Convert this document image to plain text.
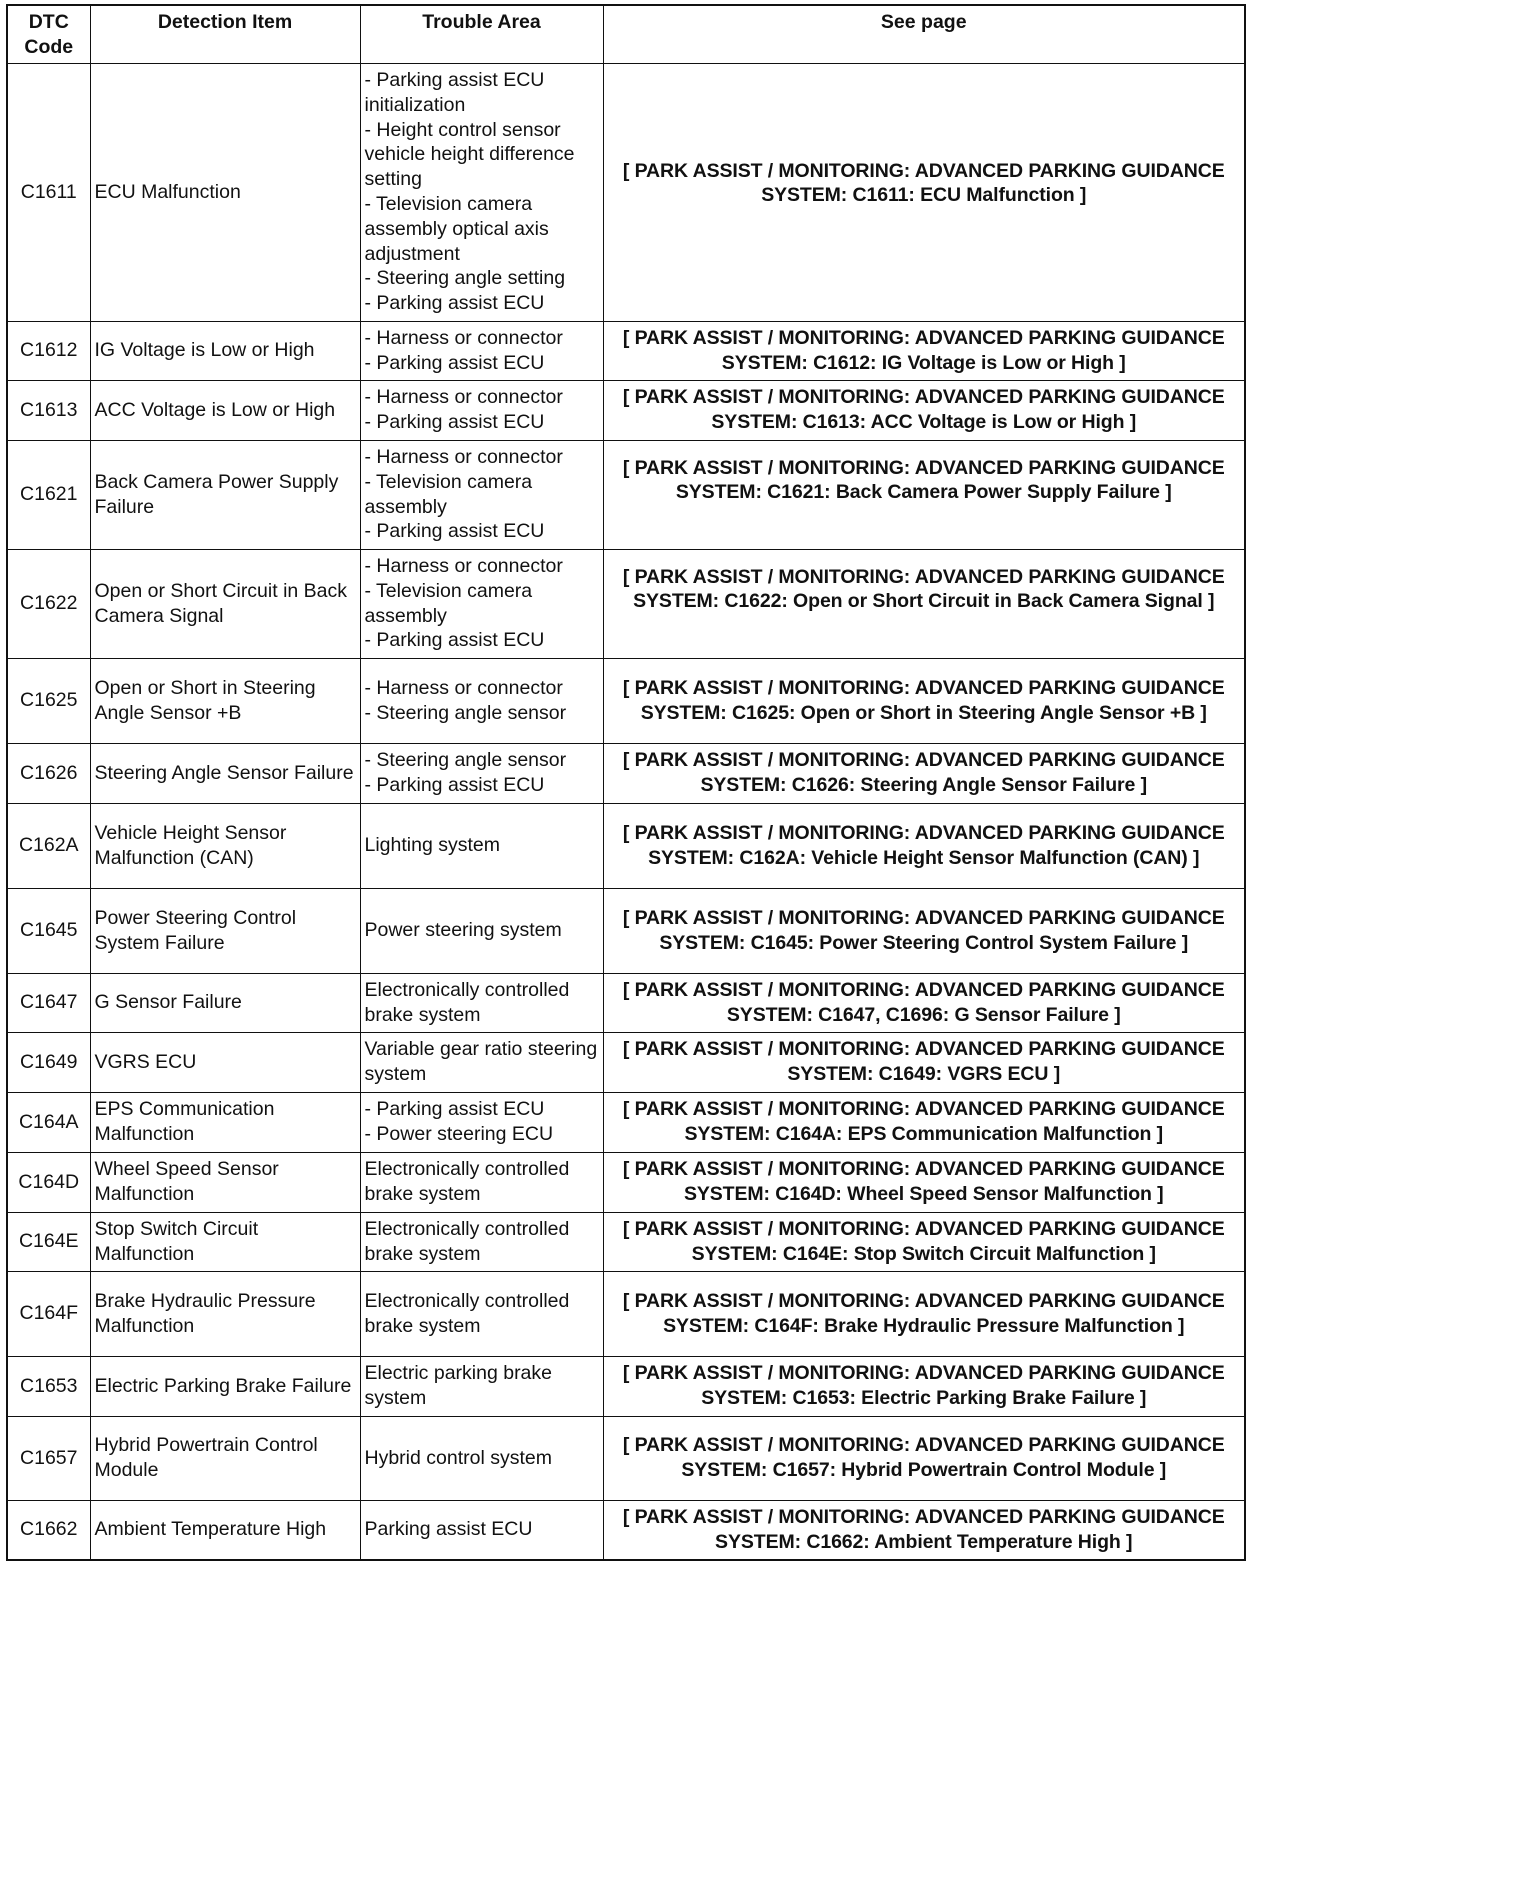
DTC Code	Detection Item	Trouble Area	See page
C1611	ECU Malfunction	- Parking assist ECU initialization
- Height control sensor vehicle height difference setting
- Television camera assembly optical axis adjustment
- Steering angle setting
- Parking assist ECU	[ PARK ASSIST / MONITORING: ADVANCED PARKING GUIDANCE SYSTEM: C1611: ECU Malfunction ]
C1612	IG Voltage is Low or High	- Harness or connector
- Parking assist ECU	[ PARK ASSIST / MONITORING: ADVANCED PARKING GUIDANCE SYSTEM: C1612: IG Voltage is Low or High ]
C1613	ACC Voltage is Low or High	- Harness or connector
- Parking assist ECU	[ PARK ASSIST / MONITORING: ADVANCED PARKING GUIDANCE SYSTEM: C1613: ACC Voltage is Low or High ]
C1621	Back Camera Power Supply Failure	- Harness or connector
- Television camera assembly
- Parking assist ECU	[ PARK ASSIST / MONITORING: ADVANCED PARKING GUIDANCE SYSTEM: C1621: Back Camera Power Supply Failure ]
C1622	Open or Short Circuit in Back Camera Signal	- Harness or connector
- Television camera assembly
- Parking assist ECU	[ PARK ASSIST / MONITORING: ADVANCED PARKING GUIDANCE SYSTEM: C1622: Open or Short Circuit in Back Camera Signal ]
C1625	Open or Short in Steering Angle Sensor +B	- Harness or connector
- Steering angle sensor	[ PARK ASSIST / MONITORING: ADVANCED PARKING GUIDANCE SYSTEM: C1625: Open or Short in Steering Angle Sensor +B ]
C1626	Steering Angle Sensor Failure	- Steering angle sensor
- Parking assist ECU	[ PARK ASSIST / MONITORING: ADVANCED PARKING GUIDANCE SYSTEM: C1626: Steering Angle Sensor Failure ]
C162A	Vehicle Height Sensor Malfunction (CAN)	Lighting system	[ PARK ASSIST / MONITORING: ADVANCED PARKING GUIDANCE SYSTEM: C162A: Vehicle Height Sensor Malfunction (CAN) ]
C1645	Power Steering Control System Failure	Power steering system	[ PARK ASSIST / MONITORING: ADVANCED PARKING GUIDANCE SYSTEM: C1645: Power Steering Control System Failure ]
C1647	G Sensor Failure	Electronically controlled brake system	[ PARK ASSIST / MONITORING: ADVANCED PARKING GUIDANCE SYSTEM: C1647, C1696: G Sensor Failure ]
C1649	VGRS ECU	Variable gear ratio steering system	[ PARK ASSIST / MONITORING: ADVANCED PARKING GUIDANCE SYSTEM: C1649: VGRS ECU ]
C164A	EPS Communication Malfunction	- Parking assist ECU
- Power steering ECU	[ PARK ASSIST / MONITORING: ADVANCED PARKING GUIDANCE SYSTEM: C164A: EPS Communication Malfunction ]
C164D	Wheel Speed Sensor Malfunction	Electronically controlled brake system	[ PARK ASSIST / MONITORING: ADVANCED PARKING GUIDANCE SYSTEM: C164D: Wheel Speed Sensor Malfunction ]
C164E	Stop Switch Circuit Malfunction	Electronically controlled brake system	[ PARK ASSIST / MONITORING: ADVANCED PARKING GUIDANCE SYSTEM: C164E: Stop Switch Circuit Malfunction ]
C164F	Brake Hydraulic Pressure Malfunction	Electronically controlled brake system	[ PARK ASSIST / MONITORING: ADVANCED PARKING GUIDANCE SYSTEM: C164F: Brake Hydraulic Pressure Malfunction ]
C1653	Electric Parking Brake Failure	Electric parking brake system	[ PARK ASSIST / MONITORING: ADVANCED PARKING GUIDANCE SYSTEM: C1653: Electric Parking Brake Failure ]
C1657	Hybrid Powertrain Control Module	Hybrid control system	[ PARK ASSIST / MONITORING: ADVANCED PARKING GUIDANCE SYSTEM: C1657: Hybrid Powertrain Control Module ]
C1662	Ambient Temperature High	Parking assist ECU	[ PARK ASSIST / MONITORING: ADVANCED PARKING GUIDANCE SYSTEM: C1662: Ambient Temperature High ]
